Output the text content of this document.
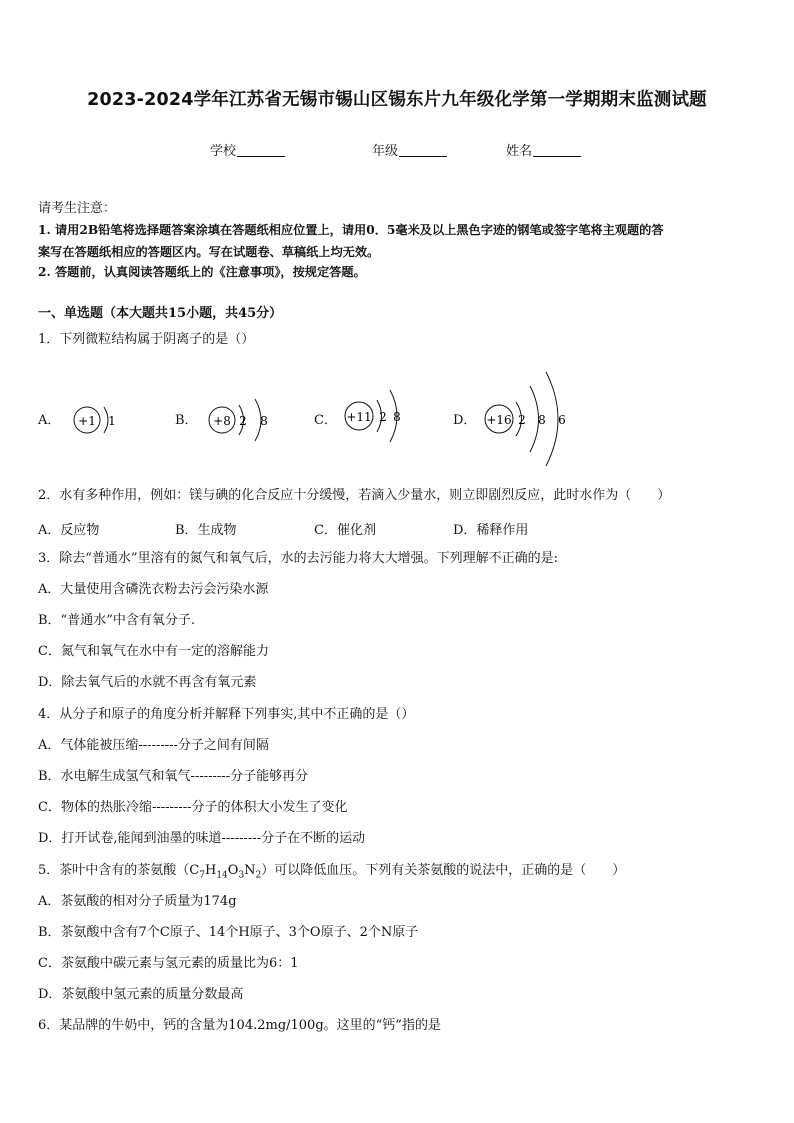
2023-2024学年江苏省无锡市锡山区锡东片九年级化学第一学期期末监测试题
学校	年级	姓名
请考生注意：
1. 请用2B铅笔将选择题答案涂填在答题纸相应位置上，请用0．5毫米及以上黑色字迹的钢笔或签字笔将主观题的答
案写在答题纸相应的答题区内。写在试题卷、草稿纸上均无效。
2. 答题前，认真阅读答题纸上的《注意事项》，按规定答题。
一、单选题（本大题共15小题，共45分）
1．下列微粒结构属于阴离子的是（）
A． +1 1	B． +8 2 8	C． +11 2 8	D． +16 2 8 6
2．水有多种作用，例如：镁与碘的化合反应十分缓慢，若滴入少量水，则立即剧烈反应，此时水作为（　　）
A．反应物	B．生成物	C．催化剂	D．稀释作用
3．除去“普通水”里溶有的氮气和氧气后，水的去污能力将大大增强。下列理解不正确的是:
A．大量使用含磷洗衣粉去污会污染水源
B．“普通水”中含有氧分子.
C．氮气和氧气在水中有一定的溶解能力
D．除去氧气后的水就不再含有氧元素
4．从分子和原子的角度分析并解释下列事实,其中不正确的是（）
A．气体能被压缩---------分子之间有间隔
B．水电解生成氢气和氧气---------分子能够再分
C．物体的热胀冷缩---------分子的体积大小发生了变化
D．打开试卷,能闻到油墨的味道---------分子在不断的运动
5．茶叶中含有的茶氨酸$(C_7H_{14}O_3N_2)$可以降低血压。下列有关茶氨酸的说法中，正确的是（　　）
A．茶氨酸的相对分子质量为174g
B．茶氨酸中含有7个C原子、14个H原子、3个O原子、2个N原子
C．茶氨酸中碳元素与氢元素的质量比为6：1
D．茶氨酸中氢元素的质量分数最高
6．某品牌的牛奶中，钙的含量为104.2mg/100g。这里的“钙”指的是
